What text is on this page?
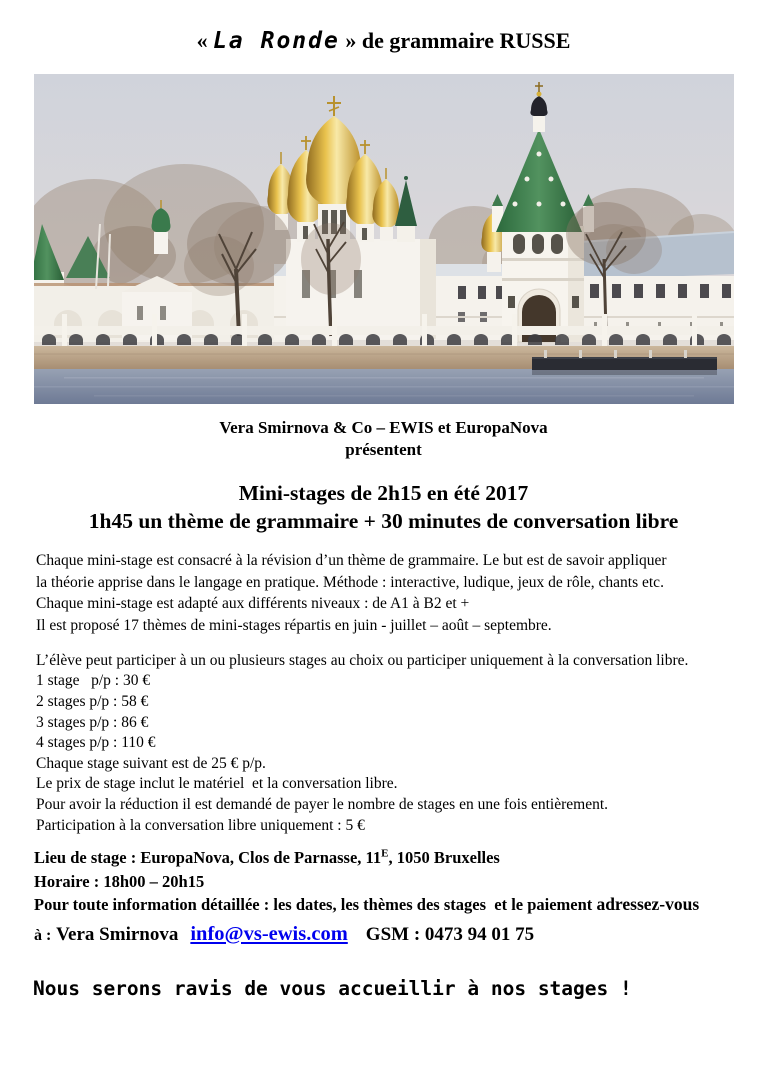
« La Ronde » de grammaire RUSSE
Vera Smirnova & Co – EWIS et EuropaNova
présentent
Mini-stages de 2h15 en été 2017
1h45 un thème de grammaire + 30 minutes de conversation libre
Chaque mini-stage est consacré à la révision d’un thème de grammaire. Le but est de savoir appliquer
la théorie apprise dans le langage en pratique. Méthode : interactive, ludique, jeux de rôle, chants etc.
Chaque mini-stage est adapté aux différents niveaux : de A1 à B2 et +
Il est proposé 17 thèmes de mini-stages répartis en juin - juillet – août – septembre.
L’élève peut participer à un ou plusieurs stages au choix ou participer uniquement à la conversation libre.
1 stage   p/p : 30 €
2 stages p/p : 58 €
3 stages p/p : 86 €
4 stages p/p : 110 €
Chaque stage suivant est de 25 € p/p.
Le prix de stage inclut le matériel  et la conversation libre.
Pour avoir la réduction il est demandé de payer le nombre de stages en une fois entièrement.
Participation à la conversation libre uniquement : 5 €
Lieu de stage : EuropaNova, Clos de Parnasse, $11^E$, 1050 Bruxelles
Horaire : 18h00 – 20h15
Pour toute information détaillée : les dates, les thèmes des stages  et le paiement adressez-vous
à : Vera Smirnova info@vs-ewis.com GSM : 0473 94 01 75
Nous serons ravis de vous accueillir à nos stages !
